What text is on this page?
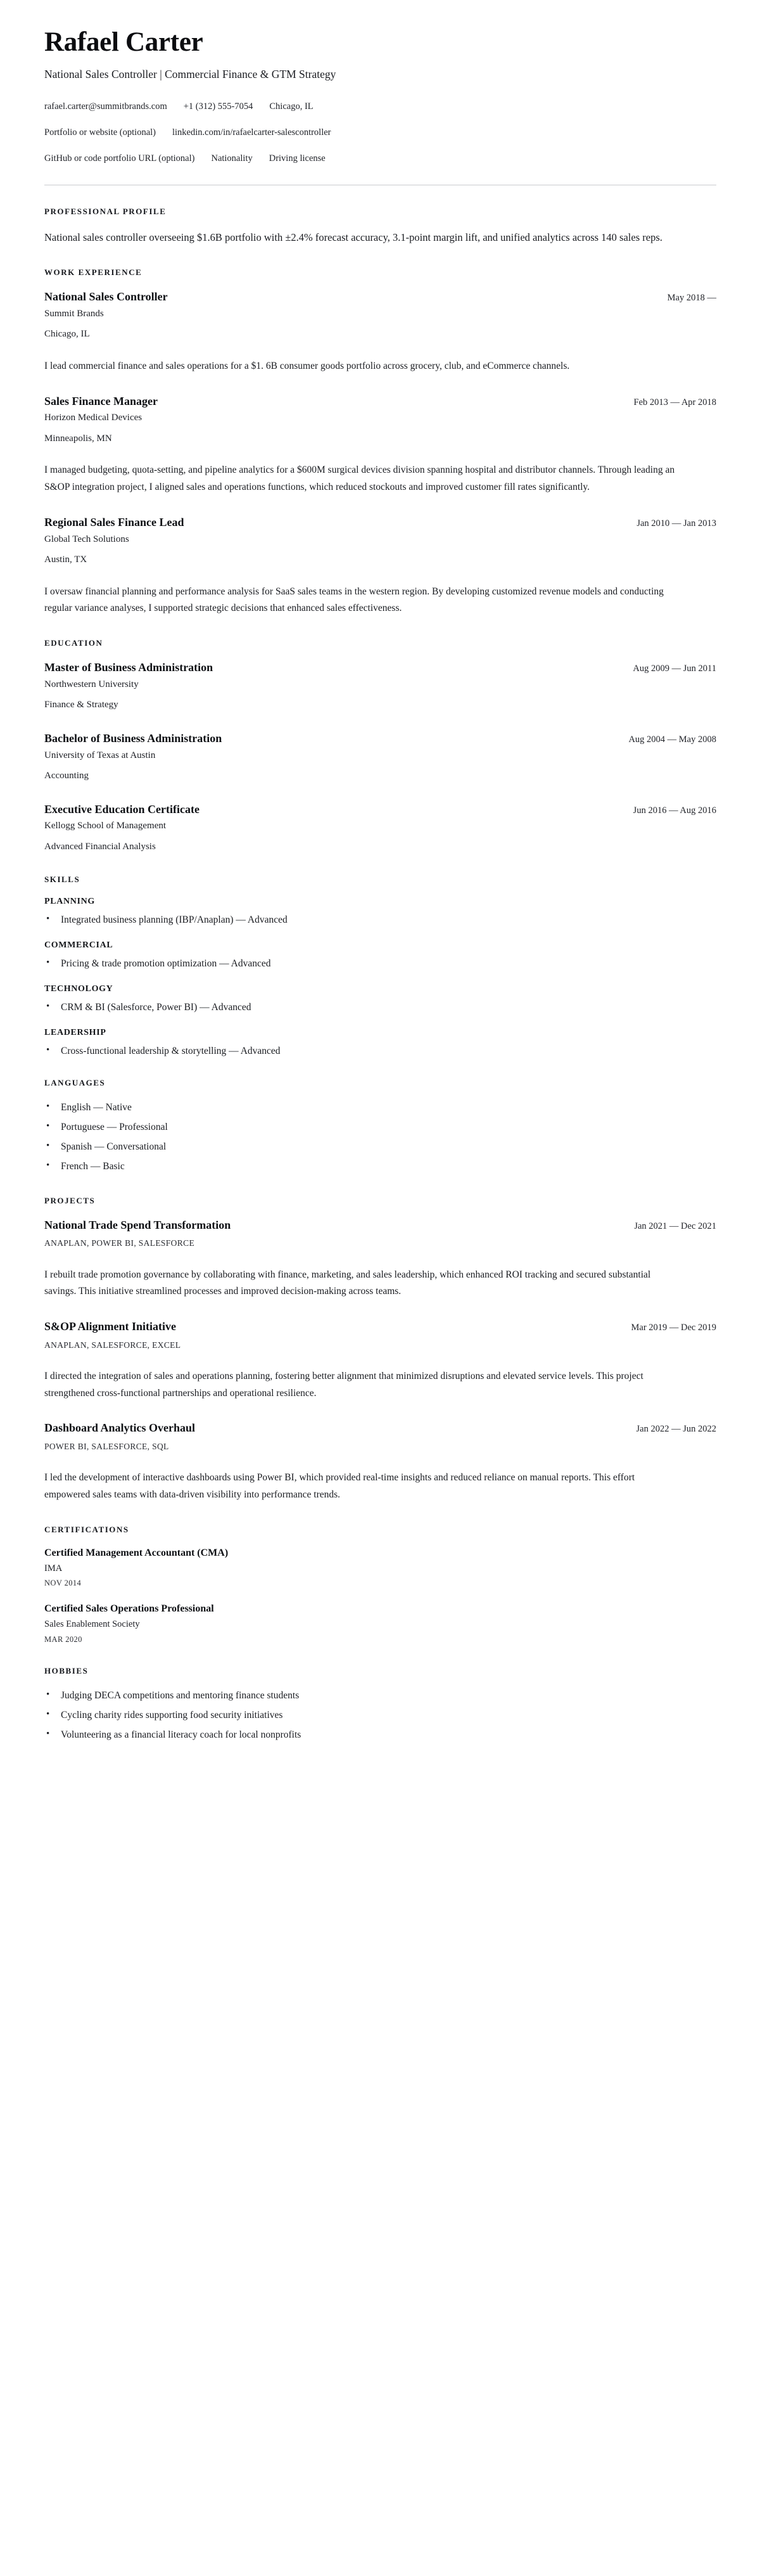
Rafael Carter

National Sales Controller | Commercial Finance & GTM Strategy

rafael.carter@summitbrands.com +1 (312) 555-7054 Chicago, IL
Portfolio or website (optional) linkedin.com/in/rafaelcarter-salescontroller
GitHub or code portfolio URL (optional) Nationality Driving license
PROFESSIONAL PROFILE

National sales controller overseeing $1.6B portfolio with ±2.4% forecast accuracy, 3.1-point margin lift, and unified analytics across 140 sales reps.

WORK EXPERIENCE
National Sales Controller	May 2018 —

Summit Brands

Chicago, IL

I lead commercial finance and sales operations for a $1. 6B consumer goods portfolio across grocery, club, and eCommerce channels.

Sales Finance Manager	Feb 2013 — Apr 2018

Horizon Medical Devices

Minneapolis, MN

I managed budgeting, quota-setting, and pipeline analytics for a $600M surgical devices division spanning hospital and distributor channels. Through leading an S&OP integration project, I aligned sales and operations functions, which reduced stockouts and improved customer fill rates significantly.

Regional Sales Finance Lead	Jan 2010 — Jan 2013

Global Tech Solutions

Austin, TX

I oversaw financial planning and performance analysis for SaaS sales teams in the western region. By developing customized revenue models and conducting regular variance analyses, I supported strategic decisions that enhanced sales effectiveness.

EDUCATION
Master of Business Administration	Aug 2009 — Jun 2011

Northwestern University

Finance & Strategy

Bachelor of Business Administration	Aug 2004 — May 2008

University of Texas at Austin

Accounting

Executive Education Certificate	Jun 2016 — Aug 2016

Kellogg School of Management

Advanced Financial Analysis

SKILLS
PLANNING
• Integrated business planning (IBP/Anaplan) — Advanced
COMMERCIAL
• Pricing & trade promotion optimization — Advanced
TECHNOLOGY
• CRM & BI (Salesforce, Power BI) — Advanced
LEADERSHIP
• Cross-functional leadership & storytelling — Advanced
LANGUAGES
• English — Native
• Portuguese — Professional
• Spanish — Conversational
• French — Basic
PROJECTS
National Trade Spend Transformation	Jan 2021 — Dec 2021

ANAPLAN, POWER BI, SALESFORCE

I rebuilt trade promotion governance by collaborating with finance, marketing, and sales leadership, which enhanced ROI tracking and secured substantial savings. This initiative streamlined processes and improved decision-making across teams.

S&OP Alignment Initiative	Mar 2019 — Dec 2019

ANAPLAN, SALESFORCE, EXCEL

I directed the integration of sales and operations planning, fostering better alignment that minimized disruptions and elevated service levels. This project strengthened cross-functional partnerships and operational resilience.

Dashboard Analytics Overhaul	Jan 2022 — Jun 2022

POWER BI, SALESFORCE, SQL

I led the development of interactive dashboards using Power BI, which provided real-time insights and reduced reliance on manual reports. This effort empowered sales teams with data-driven visibility into performance trends.

CERTIFICATIONS
Certified Management Accountant (CMA)

IMA

NOV 2014

Certified Sales Operations Professional

Sales Enablement Society

MAR 2020

HOBBIES
• Judging DECA competitions and mentoring finance students
• Cycling charity rides supporting food security initiatives
• Volunteering as a financial literacy coach for local nonprofits
